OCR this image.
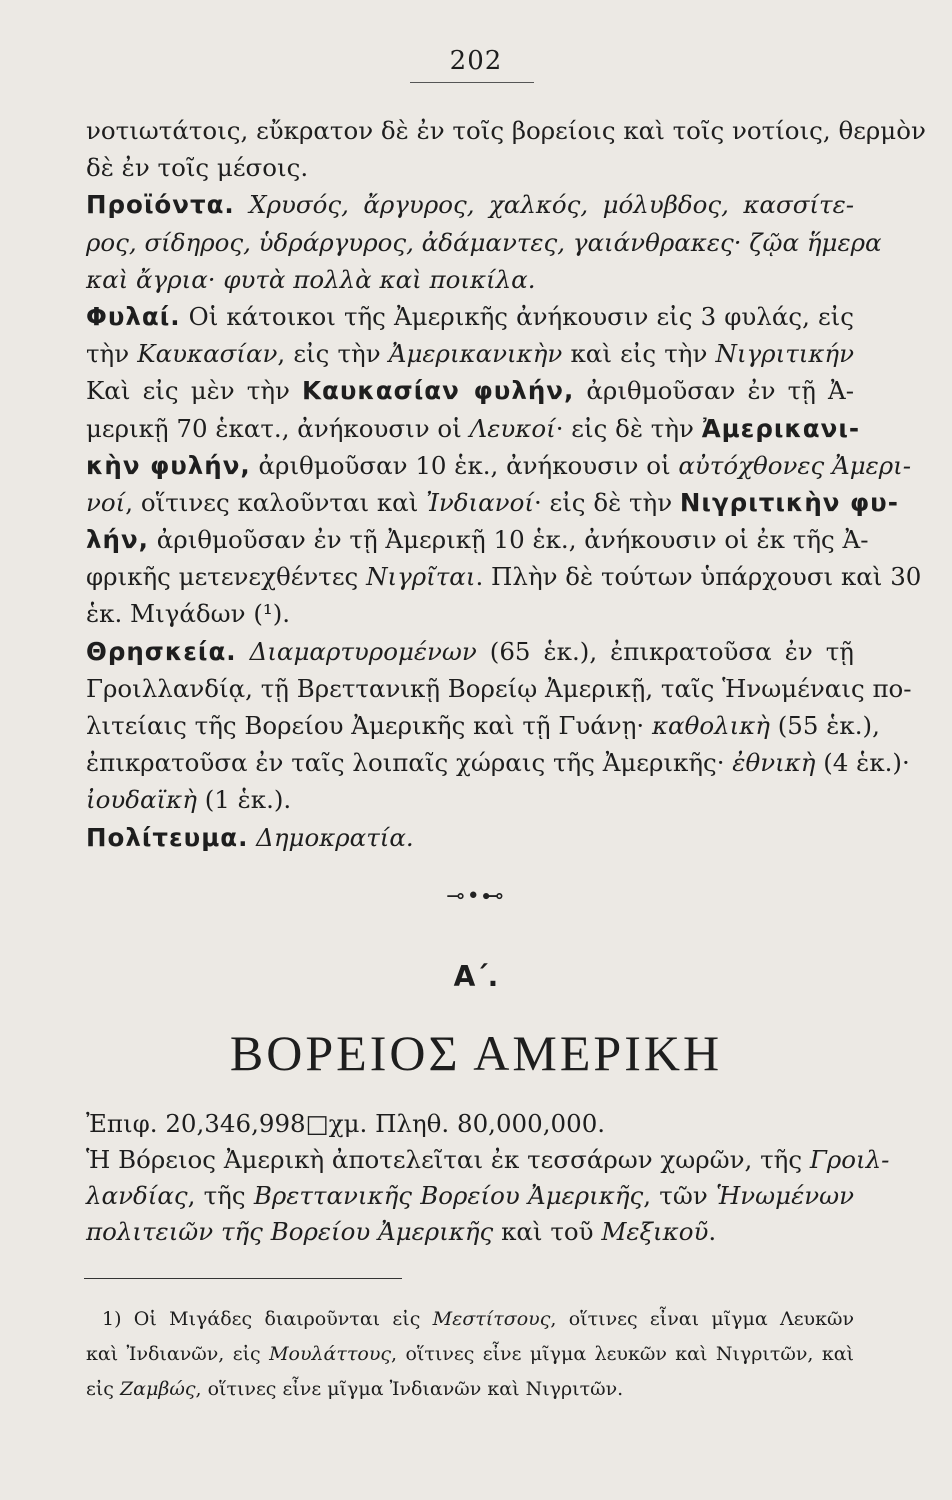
202
νοτιωτάτοις, εὔκρατον δὲ ἐν τοῖς βορείοις καὶ τοῖς νοτίοις, θερμὸν
δὲ ἐν τοῖς μέσοις.
Προϊόντα. Χρυσός, ἄργυρος, χαλκός, μόλυβδος, κασσίτε-
ρος, σίδηρος, ὑδράργυρος, ἀδάμαντες, γαιάνθρακες· ζῷα ἥμερα
καὶ ἄγρια· φυτὰ πολλὰ καὶ ποικίλα.
Φυλαί. Οἱ κάτοικοι τῆς Ἀμερικῆς ἀνήκουσιν εἰς 3 φυλάς, εἰς
τὴν Καυκασίαν, εἰς τὴν Ἀμερικανικὴν καὶ εἰς τὴν Νιγριτικήν
Καὶ εἰς μὲν τὴν Καυκασίαν φυλήν, ἀριθμοῦσαν ἐν τῇ Ἀ-
μερικῇ 70 ἑκατ., ἀνήκουσιν οἱ Λευκοί· εἰς δὲ τὴν Ἀμερικανι-
κὴν φυλήν, ἀριθμοῦσαν 10 ἑκ., ἀνήκουσιν οἱ αὐτόχθονες Ἀμερι-
νοί, οἵτινες καλοῦνται καὶ Ἰνδιανοί· εἰς δὲ τὴν Νιγριτικὴν φυ-
λήν, ἀριθμοῦσαν ἐν τῇ Ἀμερικῇ 10 ἑκ., ἀνήκουσιν οἱ ἐκ τῆς Ἀ-
φρικῆς μετενεχθέντες Νιγρῖται. Πλὴν δὲ τούτων ὑπάρχουσι καὶ 30
ἑκ. Μιγάδων (¹).
Θρησκεία. Διαμαρτυρομένων (65 ἑκ.), ἐπικρατοῦσα ἐν τῇ
Γροιλλανδίᾳ, τῇ Βρεττανικῇ Βορείῳ Ἀμερικῇ, ταῖς Ἡνωμέναις πο-
λιτείαις τῆς Βορείου Ἀμερικῆς καὶ τῇ Γυάνῃ· καθολικὴ (55 ἑκ.),
ἐπικρατοῦσα ἐν ταῖς λοιπαῖς χώραις τῆς Ἀμερικῆς· ἐθνικὴ (4 ἑκ.)·
ἰουδαϊκὴ (1 ἑκ.).
Πολίτευμα. Δημοκρατία.
⊸•⊷
Α΄.
ΒΟΡΕΙΟΣ ΑΜΕΡΙΚΗ
Ἐπιφ. 20,346,998□χμ. Πληθ. 80,000,000.
Ἡ Βόρειος Ἀμερικὴ ἀποτελεῖται ἐκ τεσσάρων χωρῶν, τῆς Γροιλ-
λανδίας, τῆς Βρεττανικῆς Βορείου Ἀμερικῆς, τῶν Ἡνωμένων
πολιτειῶν τῆς Βορείου Ἀμερικῆς καὶ τοῦ Μεξικοῦ.
1) Οἱ Μιγάδες διαιροῦνται εἰς Μεστίτσους, οἵτινες εἶναι μῖγμα Λευκῶν
καὶ Ἰνδιανῶν, εἰς Μουλάττους, οἵτινες εἶνε μῖγμα λευκῶν καὶ Νιγριτῶν, καὶ
εἰς Ζαμβώς, οἵτινες εἶνε μῖγμα Ἰνδιανῶν καὶ Νιγριτῶν.
